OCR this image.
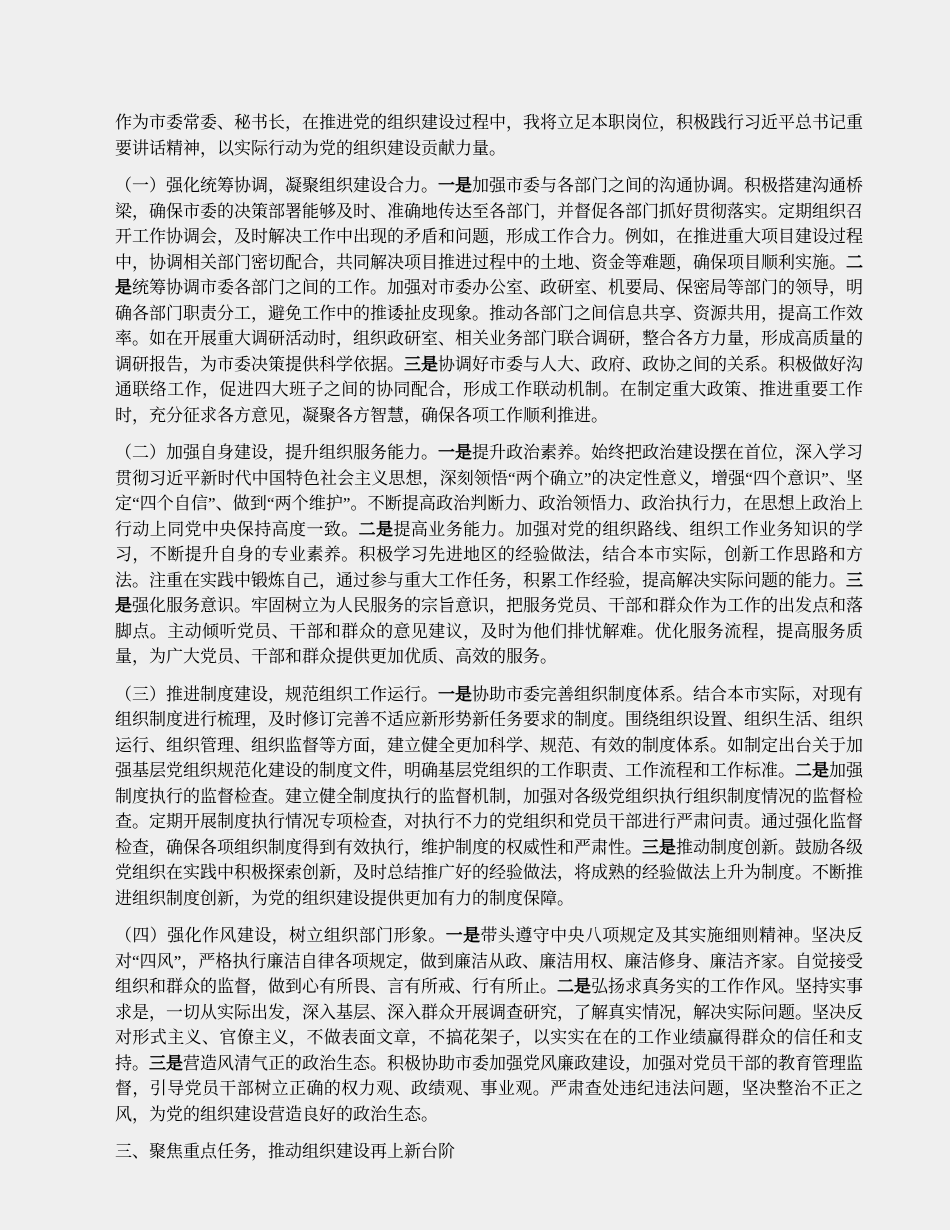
作为市委常委、秘书长，在推进党的组织建设过程中，我将立足本职岗位，积极践行习近平总书记重要讲话精神，以实际行动为党的组织建设贡献力量。

（一）强化统筹协调，凝聚组织建设合力。一是加强市委与各部门之间的沟通协调。积极搭建沟通桥梁，确保市委的决策部署能够及时、准确地传达至各部门，并督促各部门抓好贯彻落实。定期组织召开工作协调会，及时解决工作中出现的矛盾和问题，形成工作合力。例如，在推进重大项目建设过程中，协调相关部门密切配合，共同解决项目推进过程中的土地、资金等难题，确保项目顺利实施。二是统筹协调市委各部门之间的工作。加强对市委办公室、政研室、机要局、保密局等部门的领导，明确各部门职责分工，避免工作中的推诿扯皮现象。推动各部门之间信息共享、资源共用，提高工作效率。如在开展重大调研活动时，组织政研室、相关业务部门联合调研，整合各方力量，形成高质量的调研报告，为市委决策提供科学依据。三是协调好市委与人大、政府、政协之间的关系。积极做好沟通联络工作，促进四大班子之间的协同配合，形成工作联动机制。在制定重大政策、推进重要工作时，充分征求各方意见，凝聚各方智慧，确保各项工作顺利推进。

（二）加强自身建设，提升组织服务能力。一是提升政治素养。始终把政治建设摆在首位，深入学习贯彻习近平新时代中国特色社会主义思想，深刻领悟“两个确立”的决定性意义，增强“四个意识”、坚定“四个自信”、做到“两个维护”。不断提高政治判断力、政治领悟力、政治执行力，在思想上政治上行动上同党中央保持高度一致。二是提高业务能力。加强对党的组织路线、组织工作业务知识的学习，不断提升自身的专业素养。积极学习先进地区的经验做法，结合本市实际，创新工作思路和方法。注重在实践中锻炼自己，通过参与重大工作任务，积累工作经验，提高解决实际问题的能力。三是强化服务意识。牢固树立为人民服务的宗旨意识，把服务党员、干部和群众作为工作的出发点和落脚点。主动倾听党员、干部和群众的意见建议，及时为他们排忧解难。优化服务流程，提高服务质量，为广大党员、干部和群众提供更加优质、高效的服务。

（三）推进制度建设，规范组织工作运行。一是协助市委完善组织制度体系。结合本市实际，对现有组织制度进行梳理，及时修订完善不适应新形势新任务要求的制度。围绕组织设置、组织生活、组织运行、组织管理、组织监督等方面，建立健全更加科学、规范、有效的制度体系。如制定出台关于加强基层党组织规范化建设的制度文件，明确基层党组织的工作职责、工作流程和工作标准。二是加强制度执行的监督检查。建立健全制度执行的监督机制，加强对各级党组织执行组织制度情况的监督检查。定期开展制度执行情况专项检查，对执行不力的党组织和党员干部进行严肃问责。通过强化监督检查，确保各项组织制度得到有效执行，维护制度的权威性和严肃性。三是推动制度创新。鼓励各级党组织在实践中积极探索创新，及时总结推广好的经验做法，将成熟的经验做法上升为制度。不断推进组织制度创新，为党的组织建设提供更加有力的制度保障。

（四）强化作风建设，树立组织部门形象。一是带头遵守中央八项规定及其实施细则精神。坚决反对“四风”，严格执行廉洁自律各项规定，做到廉洁从政、廉洁用权、廉洁修身、廉洁齐家。自觉接受组织和群众的监督，做到心有所畏、言有所戒、行有所止。二是弘扬求真务实的工作作风。坚持实事求是，一切从实际出发，深入基层、深入群众开展调查研究，了解真实情况，解决实际问题。坚决反对形式主义、官僚主义，不做表面文章，不搞花架子，以实实在在的工作业绩赢得群众的信任和支持。三是营造风清气正的政治生态。积极协助市委加强党风廉政建设，加强对党员干部的教育管理监督，引导党员干部树立正确的权力观、政绩观、事业观。严肃查处违纪违法问题，坚决整治不正之风，为党的组织建设营造良好的政治生态。

三、聚焦重点任务，推动组织建设再上新台阶
